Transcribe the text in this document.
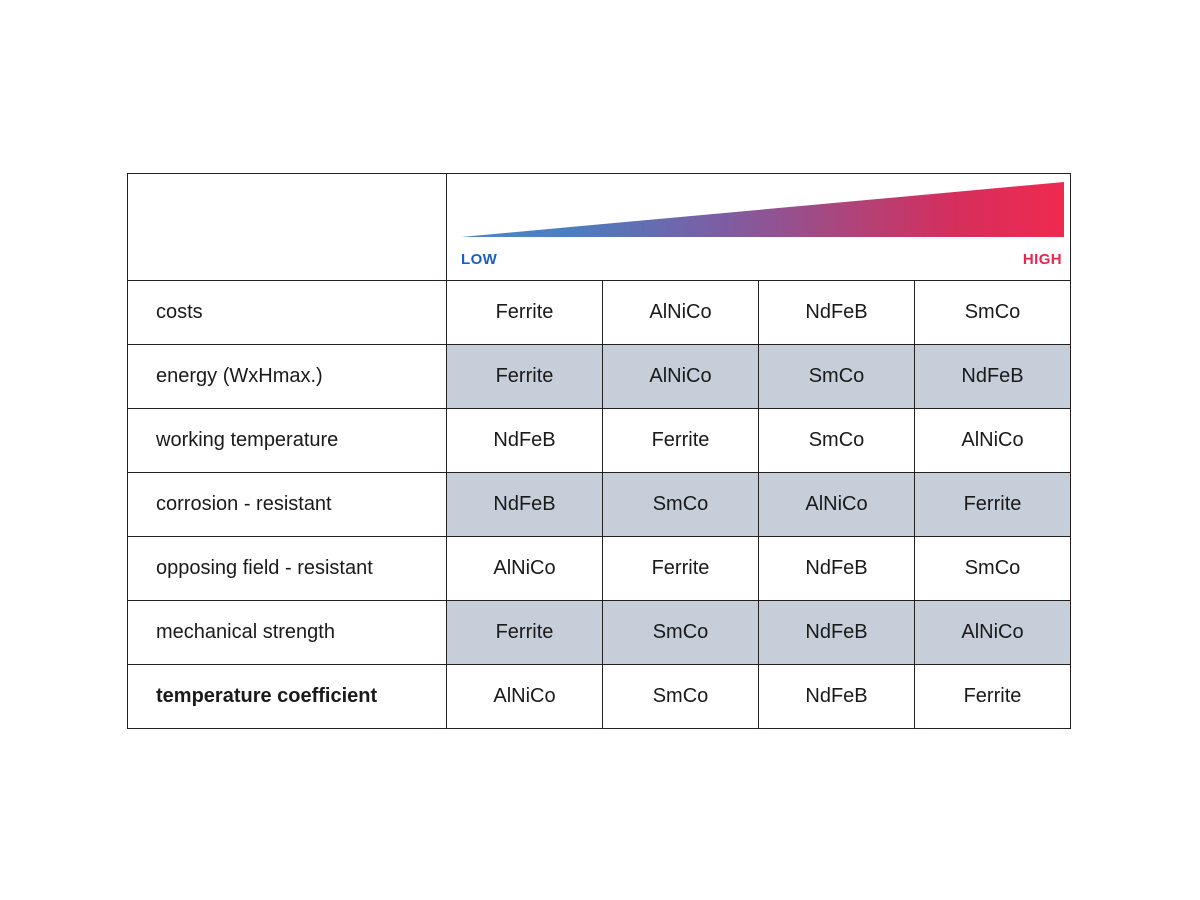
	LOW HIGH			

costs	Ferrite	AlNiCo	NdFeB	SmCo
energy (WxHmax.)	Ferrite	AlNiCo	SmCo	NdFeB
working temperature	NdFeB	Ferrite	SmCo	AlNiCo
corrosion - resistant	NdFeB	SmCo	AlNiCo	Ferrite
opposing field - resistant	AlNiCo	Ferrite	NdFeB	SmCo
mechanical strength	Ferrite	SmCo	NdFeB	AlNiCo
temperature coefficient	AlNiCo	SmCo	NdFeB	Ferrite
